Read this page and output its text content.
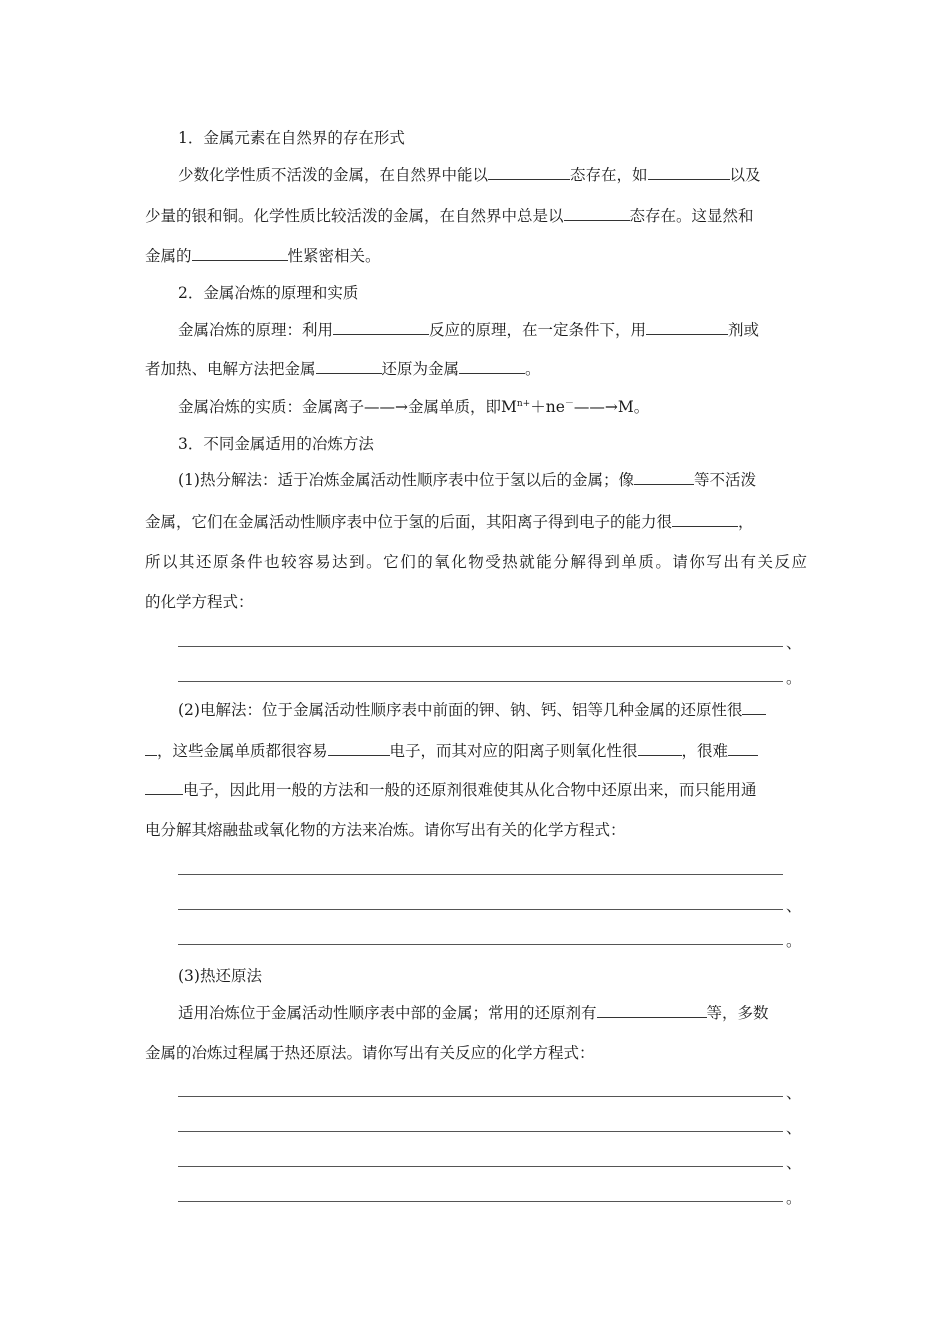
1．金属元素在自然界的存在形式
少数化学性质不活泼的金属，在自然界中能以	态存在，如	以及
少量的银和铜。化学性质比较活泼的金属，在自然界中总是以	态存在。这显然和
金属的	性紧密相关。
2．金属冶炼的原理和实质
金属冶炼的原理：利用	反应的原理，在一定条件下，用	剂或
者加热、电解方法把金属	还原为金属	。
金属冶炼的实质：金属离子——→金属单质，即$M^{n+}+ne^-——\to M$。
3．不同金属适用的冶炼方法
(1)热分解法：适于冶炼金属活动性顺序表中位于氢以后的金属；像	等不活泼
金属，它们在金属活动性顺序表中位于氢的后面，其阳离子得到电子的能力很	，
所以其还原条件也较容易达到。它们的氧化物受热就能分解得到单质。请你写出有关反应
的化学方程式：
、
。
(2)电解法：位于金属活动性顺序表中前面的钾、钠、钙、铝等几种金属的还原性很
，这些金属单质都很容易	电子，而其对应的阳离子则氧化性很	，很难
电子，因此用一般的方法和一般的还原剂很难使其从化合物中还原出来，而只能用通
电分解其熔融盐或氧化物的方法来冶炼。请你写出有关的化学方程式：
、
。
(3)热还原法
适用冶炼位于金属活动性顺序表中部的金属；常用的还原剂有	等，多数
金属的冶炼过程属于热还原法。请你写出有关反应的化学方程式：
、
、
、
。
